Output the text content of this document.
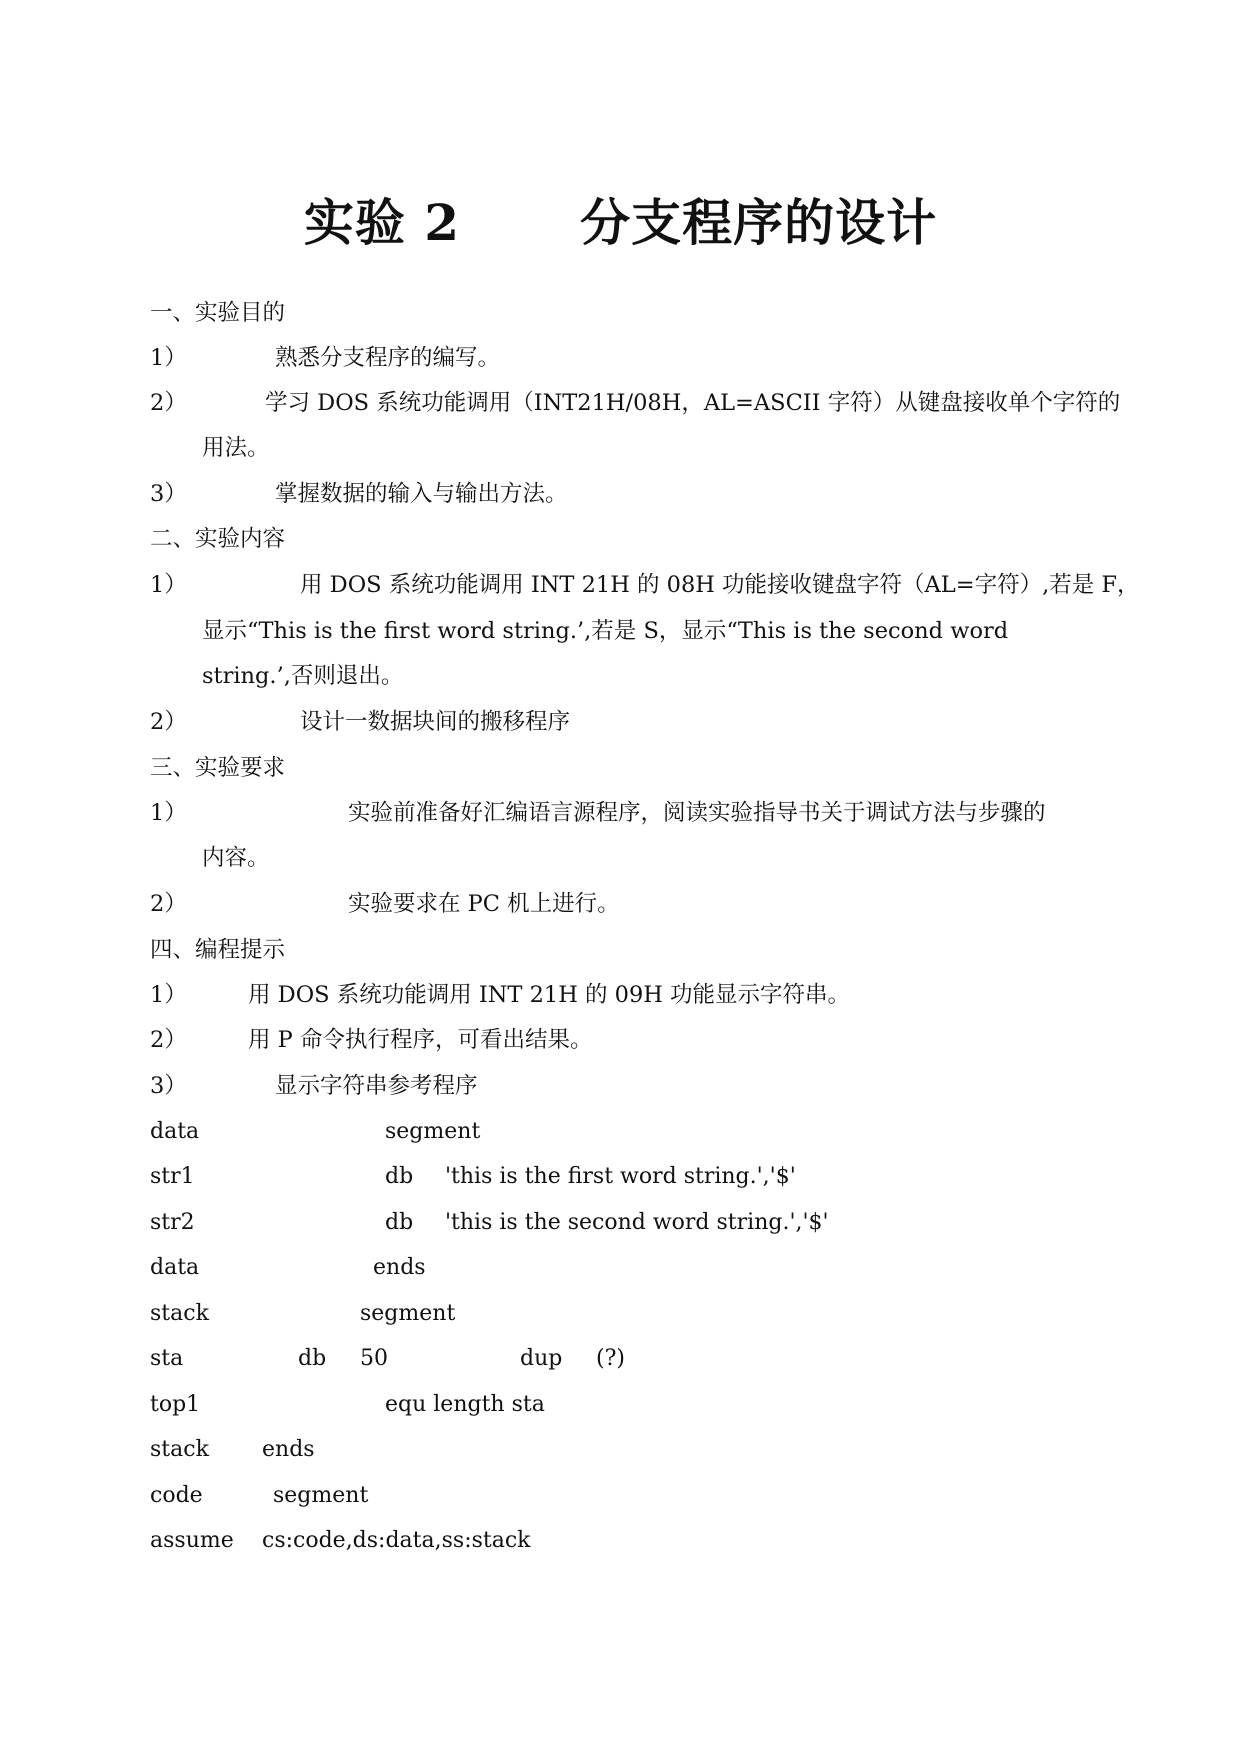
实验 2 分支程序的设计
一、实验目的
1）	熟悉分支程序的编写。
2）	学习 DOS 系统功能调用（INT21H/08H，AL=ASCII 字符）从键盘接收单个字符的
用法。
3）	掌握数据的输入与输出方法。
二、实验内容
1）	用 DOS 系统功能调用 INT 21H 的 08H 功能接收键盘字符（AL=字符）,若是 F，
显示“This is the first word string.’,若是 S，显示“This is the second word
string.’,否则退出。
2）	设计一数据块间的搬移程序
三、实验要求
1）	实验前准备好汇编语言源程序，阅读实验指导书关于调试方法与步骤的
内容。
2）	实验要求在 PC 机上进行。
四、编程提示
1）	用 DOS 系统功能调用 INT 21H 的 09H 功能显示字符串。
2）	用 P 命令执行程序，可看出结果。
3）	显示字符串参考程序
data	segment
str1	db 'this is the first word string.','$'
str2	db 'this is the second word string.','$'
data	ends
stack	segment
sta	db 50	dup (?)
top1	equ length sta
stack ends
code	segment
assume cs:code,ds:data,ss:stack
